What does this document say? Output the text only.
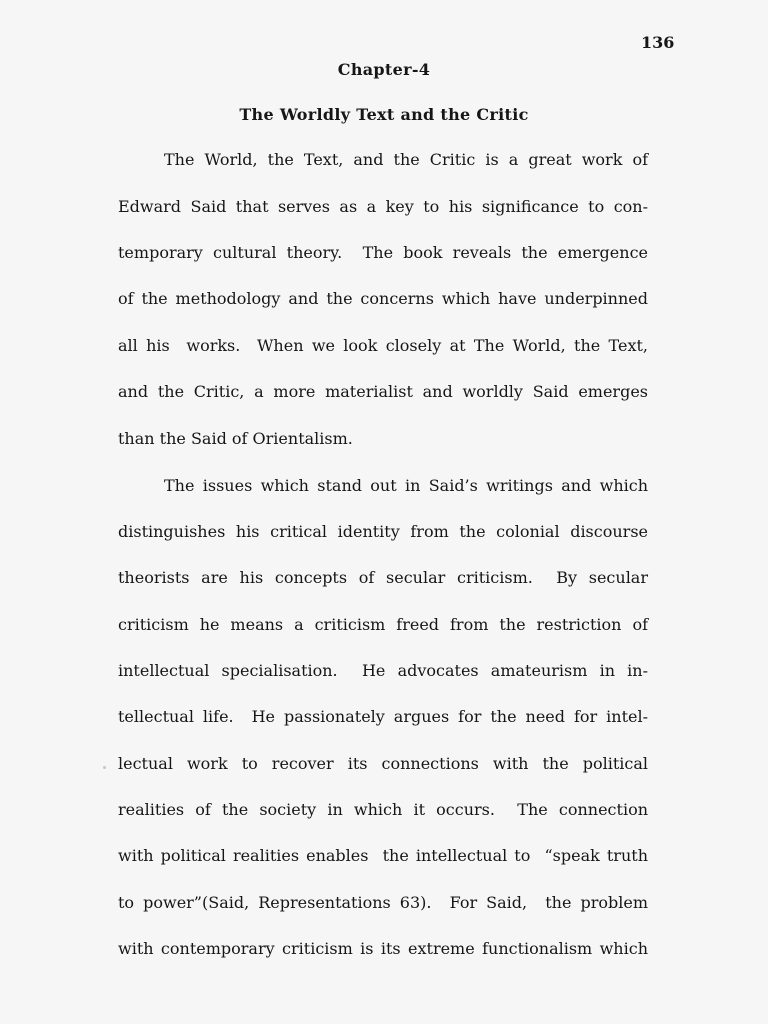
136
Chapter-4
The Worldly Text and the Critic
The World, the Text, and the Critic is a great work of
Edward Said that serves as a key to his significance to con-
temporary cultural theory.  The book reveals the emergence
of the methodology and the concerns which have underpinned
all his  works.  When we look closely at The World, the Text,
and the Critic, a more materialist and worldly Said emerges
than the Said of Orientalism.
The issues which stand out in Said’s writings and which
distinguishes his critical identity from the colonial discourse
theorists are his concepts of secular criticism.  By secular
criticism he means a criticism freed from the restriction of
intellectual specialisation.  He advocates amateurism in in-
tellectual life.  He passionately argues for the need for intel-
lectual work to recover its connections with the political
realities of the society in which it occurs.  The connection
with political realities enables  the intellectual to  “speak truth
to power”(Said, Representations 63).  For Said,  the problem
with contemporary criticism is its extreme functionalism which
